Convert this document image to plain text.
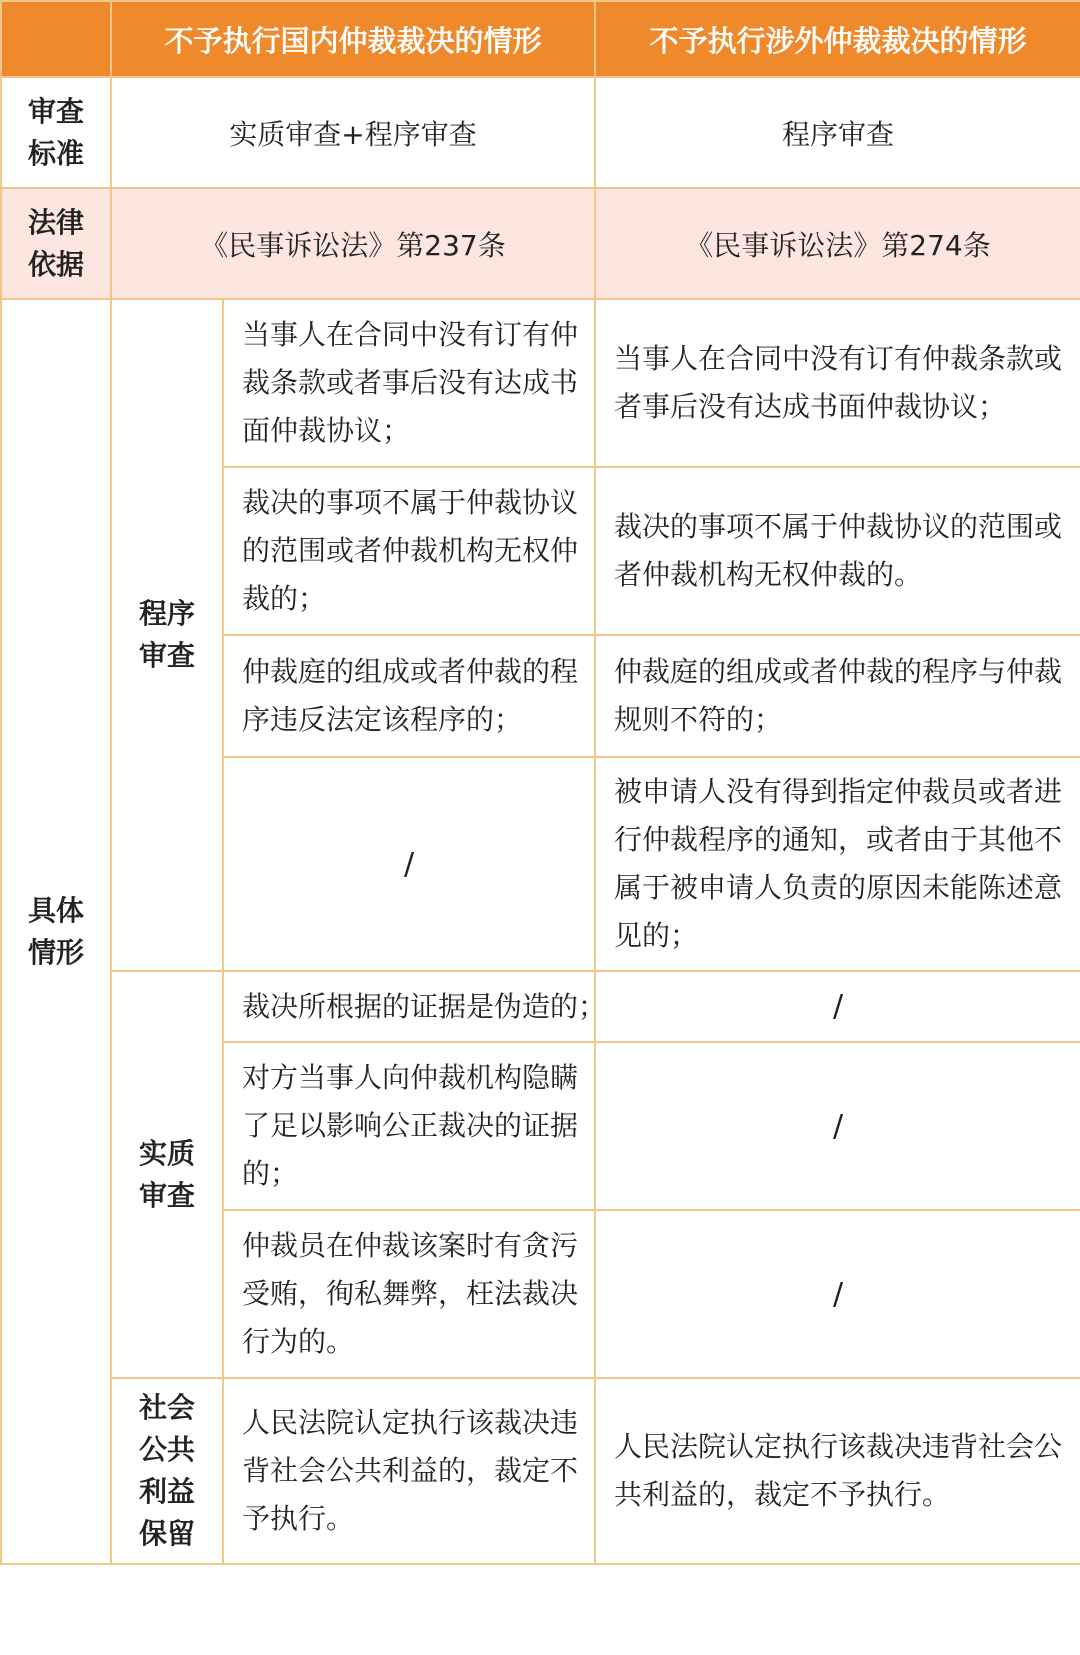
	不予执行国内仲裁裁决的情形		不予执行涉外仲裁裁决的情形

审查标准	实质审查+程序审查		程序审查

法律依据	《民事诉讼法》第237条		《民事诉讼法》第274条

具体情形	程序审查	当事人在合同中没有订有仲裁条款或者事后没有达成书面仲裁协议；	当事人在合同中没有订有仲裁条款或者事后没有达成书面仲裁协议；
		裁决的事项不属于仲裁协议的范围或者仲裁机构无权仲裁的；	裁决的事项不属于仲裁协议的范围或者仲裁机构无权仲裁的。
		仲裁庭的组成或者仲裁的程序违反法定该程序的；	仲裁庭的组成或者仲裁的程序与仲裁规则不符的；
		/	被申请人没有得到指定仲裁员或者进行仲裁程序的通知，或者由于其他不属于被申请人负责的原因未能陈述意见的；

	实质审查	裁决所根据的证据是伪造的；	/
		对方当事人向仲裁机构隐瞒了足以影响公正裁决的证据的；	/
		仲裁员在仲裁该案时有贪污受贿，徇私舞弊，枉法裁决行为的。	/

	社会公共利益保留	人民法院认定执行该裁决违背社会公共利益的，裁定不予执行。	人民法院认定执行该裁决违背社会公共利益的，裁定不予执行。
